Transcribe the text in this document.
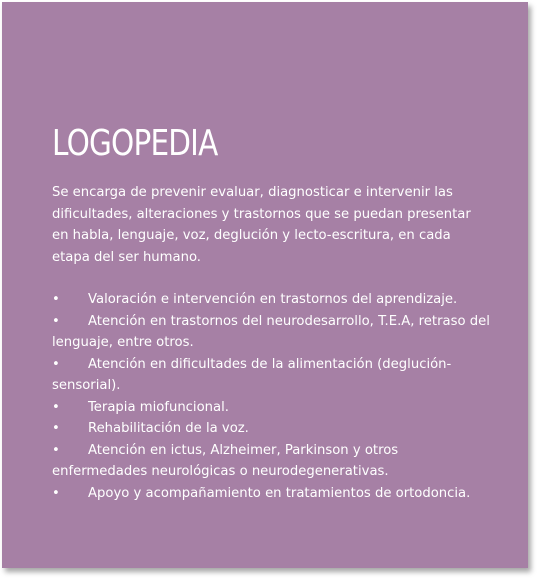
LOGOPEDIA

Se encarga de prevenir evaluar, diagnosticar e intervenir las dificultades, alteraciones y trastornos que se puedan presentar en habla, lenguaje, voz, deglución y lecto-escritura, en cada etapa del ser humano.

• Valoración e intervención en trastornos del aprendizaje.
• Atención en trastornos del neurodesarrollo, T.E.A, retraso del lenguaje, entre otros.
• Atención en dificultades de la alimentación (deglución-sensorial).
• Terapia miofuncional.
• Rehabilitación de la voz.
• Atención en ictus, Alzheimer, Parkinson y otros enfermedades neurológicas o neurodegenerativas.
• Apoyo y acompañamiento en tratamientos de ortodoncia.
